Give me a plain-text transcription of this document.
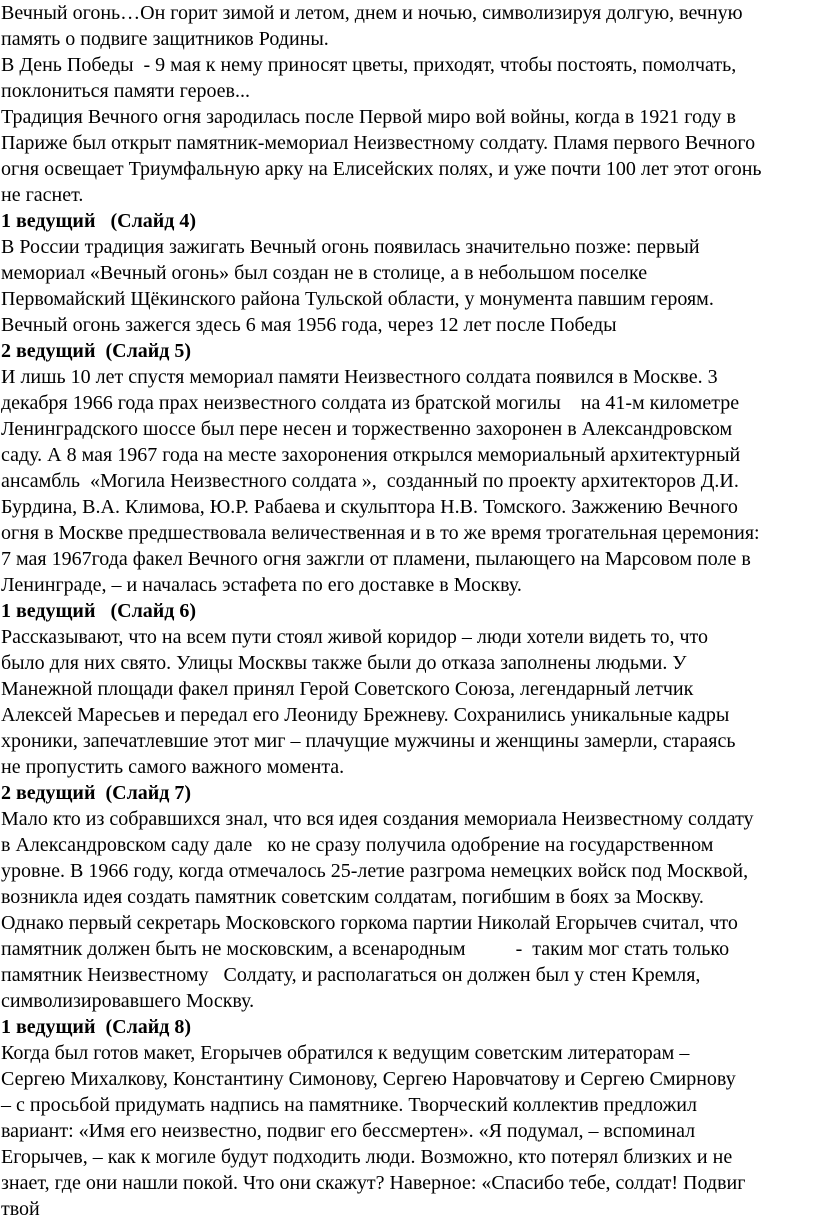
Вечный огонь…Он горит зимой и летом, днем и ночью, символизируя долгую, вечную
память о подвиге защитников Родины.
В День Победы  - 9 мая к нему приносят цветы, приходят, чтобы постоять, помолчать,
поклониться памяти героев...
Традиция Вечного огня зародилась после Первой миро вой войны, когда в 1921 году в
Париже был открыт памятник-мемориал Неизвестному солдату. Пламя первого Вечного
огня освещает Триумфальную арку на Елисейских полях, и уже почти 100 лет этот огонь
не гаснет.
1 ведущий   (Слайд 4)
В России традиция зажигать Вечный огонь появилась значительно позже: первый
мемориал «Вечный огонь» был создан не в столице, а в небольшом поселке
Первомайский Щёкинского района Тульской области, у монумента павшим героям.
Вечный огонь зажегся здесь 6 мая 1956 года, через 12 лет после Победы
2 ведущий  (Слайд 5)
И лишь 10 лет спустя мемориал памяти Неизвестного солдата появился в Москве. 3
декабря 1966 года прах неизвестного солдата из братской могилы    на 41-м километре
Ленинградского шоссе был пере несен и торжественно захоронен в Александровском
саду. А 8 мая 1967 года на месте захоронения открылся мемориальный архитектурный
ансамбль  «Могила Неизвестного солдата »,  созданный по проекту архитекторов Д.И.
Бурдина, В.А. Климова, Ю.Р. Рабаева и скульптора Н.В. Томского. Зажжению Вечного
огня в Москве предшествовала величественная и в то же время трогательная церемония:
7 мая 1967года факел Вечного огня зажгли от пламени, пылающего на Марсовом поле в
Ленинграде, – и началась эстафета по его доставке в Москву.
1 ведущий   (Слайд 6)
Рассказывают, что на всем пути стоял живой коридор – люди хотели видеть то, что
было для них свято. Улицы Москвы также были до отказа заполнены людьми. У
Манежной площади факел принял Герой Советского Союза, легендарный летчик
Алексей Маресьев и передал его Леониду Брежневу. Сохранились уникальные кадры
хроники, запечатлевшие этот миг – плачущие мужчины и женщины замерли, стараясь
не пропустить самого важного момента.
2 ведущий  (Слайд 7)
Мало кто из собравшихся знал, что вся идея создания мемориала Неизвестному солдату
в Александровском саду дале   ко не сразу получила одобрение на государственном
уровне. В 1966 году, когда отмечалось 25-летие разгрома немецких войск под Москвой,
возникла идея создать памятник советским солдатам, погибшим в боях за Москву.
Однако первый секретарь Московского горкома партии Николай Егорычев считал, что
памятник должен быть не московским, а всенародным          -  таким мог стать только
памятник Неизвестному   Солдату, и располагаться он должен был у стен Кремля,
символизировавшего Москву.
1 ведущий  (Слайд 8)
Когда был готов макет, Егорычев обратился к ведущим советским литераторам –
Сергею Михалкову, Константину Симонову, Сергею Наровчатову и Сергею Смирнову
– с просьбой придумать надпись на памятнике. Творческий коллектив предложил
вариант: «Имя его неизвестно, подвиг его бессмертен». «Я подумал, – вспоминал
Егорычев, – как к могиле будут подходить люди. Возможно, кто потерял близких и не
знает, где они нашли покой. Что они скажут? Наверное: «Спасибо тебе, солдат! Подвиг
твой
